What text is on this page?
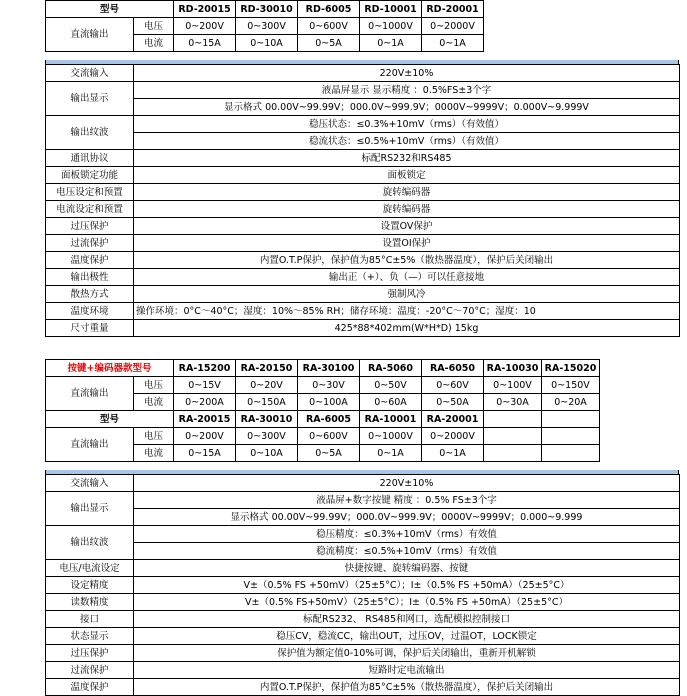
型号		RD-20015	RD-30010	RD-6005	RD-10001	RD-20001		
直流输出	电压	0~200V	0~300V	0~600V	0~1000V	0~2000V		
	电流	0~15A	0~10A	0~5A	0~1A	0~1A		
交流输入	220V±10%
输出显示	液晶屏显示 显示精度 ：0.5%FS±3个字
	显示格式 00.00V~99.99V；000.0V~999.9V；0000V~9999V；0.000V~9.999V
输出纹波	稳压状态：≤0.3%+10mV（rms）（有效值）
	稳流状态：≤0.5%+10mV（rms）（有效值）
通讯协议	标配RS232和RS485
面板锁定功能	面板锁定
电压设定和预置	旋转编码器
电流设定和预置	旋转编码器
过压保护	设置OV保护
过流保护	设置OI保护
温度保护	内置O.T.P保护，保护值为85°C±5%（散热器温度），保护后关闭输出
输出极性	输出正（+）、负（—）可以任意接地
散热方式	强制风冷
温度环境	操作环境：0°C～40°C；湿度：10%～85% RH；储存环境：温度：-20°C～70°C；湿度：10
尺寸重量	425*88*402mm(W*H*D) 15kg
按键+编码器款型号		RA-15200	RA-20150	RA-30100	RA-5060	RA-6050	RA-10030	RA-15020	
直流输出	电压	0~15V	0~20V	0~30V	0~50V	0~60V	0~100V	0~150V	
	电流	0~200A	0~150A	0~100A	0~60A	0~50A	0~30A	0~20A	
型号		RA-20015	RA-30010	RA-6005	RA-10001	RA-20001			
直流输出	电压	0~200V	0~300V	0~600V	0~1000V	0~2000V			
	电流	0~15A	0~10A	0~5A	0~1A	0~1A			
交流输入	220V±10%
输出显示	液晶屏+数字按键 精度 ：0.5% FS±3个字
	显示格式 00.00V~99.99V；000.0V~999.9V；0000V~9999V；0.000~9.999
输出纹波	稳压精度：≤0.3%+10mV（rms）有效值
	稳流精度：≤0.5%+10mV（rms）有效值
电压/电流设定	快捷按键、旋转编码器、按键
设定精度	V±（0.5% FS +50mV）（25±5°C）；I±（0.5% FS +50mA）（25±5°C）
读数精度	V±（0.5% FS+50mV）（25±5°C）；I±（0.5% FS +50mA）（25±5°C）
接口	标配RS232、 RS485和网口，选配模拟控制接口
状态显示	稳压CV，稳流CC，输出OUT，过压OV，过温OT，LOCK锁定
过压保护	保护值为额定值0-10%可调，保护后关闭输出，重新开机解锁
过流保护	短路时定电流输出
温度保护	内置O.T.P保护，保护值为85°C±5%（散热器温度），保护后关闭输出
